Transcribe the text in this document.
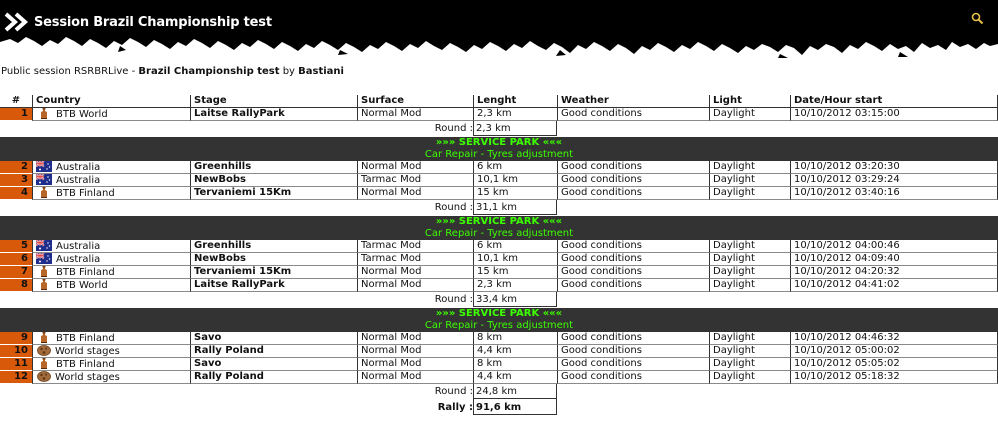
Session Brazil Championship test
Public session RSRBRLive - Brazil Championship test by Bastiani
#	Country	Stage	Surface	Lenght	Weather	Light	Date/Hour start
1	BTB World	Laitse RallyPark	Normal Mod	2,3 km	Good conditions	Daylight	10/10/2012 03:15:00
Round : 2,3 km
»»» SERVICE PARK «««
Car Repair - Tyres adjustment
2	Australia	Greenhills	Normal Mod	6 km	Good conditions	Daylight	10/10/2012 03:20:30
3	Australia	NewBobs	Tarmac Mod	10,1 km	Good conditions	Daylight	10/10/2012 03:29:24
4	BTB Finland	Tervaniemi 15Km	Normal Mod	15 km	Good conditions	Daylight	10/10/2012 03:40:16
Round : 31,1 km
»»» SERVICE PARK «««
Car Repair - Tyres adjustment
5	Australia	Greenhills	Tarmac Mod	6 km	Good conditions	Daylight	10/10/2012 04:00:46
6	Australia	NewBobs	Tarmac Mod	10,1 km	Good conditions	Daylight	10/10/2012 04:09:40
7	BTB Finland	Tervaniemi 15Km	Normal Mod	15 km	Good conditions	Daylight	10/10/2012 04:20:32
8	BTB World	Laitse RallyPark	Normal Mod	2,3 km	Good conditions	Daylight	10/10/2012 04:41:02
Round : 33,4 km
»»» SERVICE PARK «««
Car Repair - Tyres adjustment
9	BTB Finland	Savo	Normal Mod	8 km	Good conditions	Daylight	10/10/2012 04:46:32
10	World stages	Rally Poland	Normal Mod	4,4 km	Good conditions	Daylight	10/10/2012 05:00:02
11	BTB Finland	Savo	Normal Mod	8 km	Good conditions	Daylight	10/10/2012 05:05:02
12	World stages	Rally Poland	Normal Mod	4,4 km	Good conditions	Daylight	10/10/2012 05:18:32
Round : 24,8 km
Rally : 91,6 km
